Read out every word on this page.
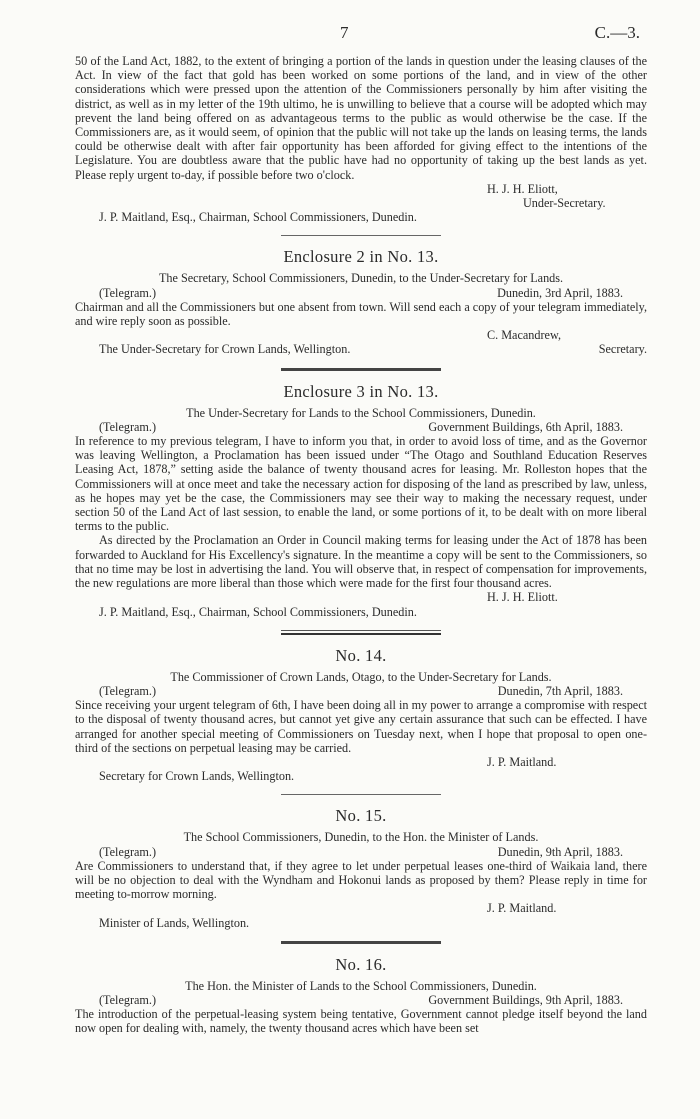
7	C.—3.

50 of the Land Act, 1882, to the extent of bringing a portion of the lands in question under the leasing clauses of the Act. In view of the fact that gold has been worked on some portions of the land, and in view of the other considerations which were pressed upon the attention of the Commissioners personally by him after visiting the district, as well as in my letter of the 19th ultimo, he is unwilling to believe that a course will be adopted which may prevent the land being offered on as advantageous terms to the public as would otherwise be the case. If the Commissioners are, as it would seem, of opinion that the public will not take up the lands on leasing terms, the lands could be otherwise dealt with after fair opportunity has been afforded for giving effect to the intentions of the Legislature. You are doubtless aware that the public have had no opportunity of taking up the best lands as yet. Please reply urgent to-day, if possible before two o'clock.

H. J. H. Eliott,

Under-Secretary.

J. P. Maitland, Esq., Chairman, School Commissioners, Dunedin.

Enclosure 2 in No. 13.

The Secretary, School Commissioners, Dunedin, to the Under-Secretary for Lands.

(Telegram.)	Dunedin, 3rd April, 1883.

Chairman and all the Commissioners but one absent from town. Will send each a copy of your telegram immediately, and wire reply soon as possible.

C. Macandrew,

The Under-Secretary for Crown Lands, Wellington.	Secretary.
Enclosure 3 in No. 13.

The Under-Secretary for Lands to the School Commissioners, Dunedin.

(Telegram.)	Government Buildings, 6th April, 1883.

In reference to my previous telegram, I have to inform you that, in order to avoid loss of time, and as the Governor was leaving Wellington, a Proclamation has been issued under “The Otago and Southland Education Reserves Leasing Act, 1878,” setting aside the balance of twenty thousand acres for leasing. Mr. Rolleston hopes that the Commissioners will at once meet and take the necessary action for disposing of the land as prescribed by law, unless, as he hopes may yet be the case, the Commissioners may see their way to making the necessary request, under section 50 of the Land Act of last session, to enable the land, or some portions of it, to be dealt with on more liberal terms to the public.

As directed by the Proclamation an Order in Council making terms for leasing under the Act of 1878 has been forwarded to Auckland for His Excellency's signature. In the meantime a copy will be sent to the Commissioners, so that no time may be lost in advertising the land. You will observe that, in respect of compensation for improvements, the new regulations are more liberal than those which were made for the first four thousand acres.

H. J. H. Eliott.

J. P. Maitland, Esq., Chairman, School Commissioners, Dunedin.

No. 14.

The Commissioner of Crown Lands, Otago, to the Under-Secretary for Lands.

(Telegram.)	Dunedin, 7th April, 1883.

Since receiving your urgent telegram of 6th, I have been doing all in my power to arrange a compromise with respect to the disposal of twenty thousand acres, but cannot yet give any certain assurance that such can be effected. I have arranged for another special meeting of Commissioners on Tuesday next, when I hope that proposal to open one-third of the sections on perpetual leasing may be carried.

J. P. Maitland.

Secretary for Crown Lands, Wellington.

No. 15.

The School Commissioners, Dunedin, to the Hon. the Minister of Lands.

(Telegram.)	Dunedin, 9th April, 1883.

Are Commissioners to understand that, if they agree to let under perpetual leases one-third of Waikaia land, there will be no objection to deal with the Wyndham and Hokonui lands as proposed by them? Please reply in time for meeting to-morrow morning.

J. P. Maitland.

Minister of Lands, Wellington.

No. 16.

The Hon. the Minister of Lands to the School Commissioners, Dunedin.

(Telegram.)	Government Buildings, 9th April, 1883.

The introduction of the perpetual-leasing system being tentative, Government cannot pledge itself beyond the land now open for dealing with, namely, the twenty thousand acres which have been set
